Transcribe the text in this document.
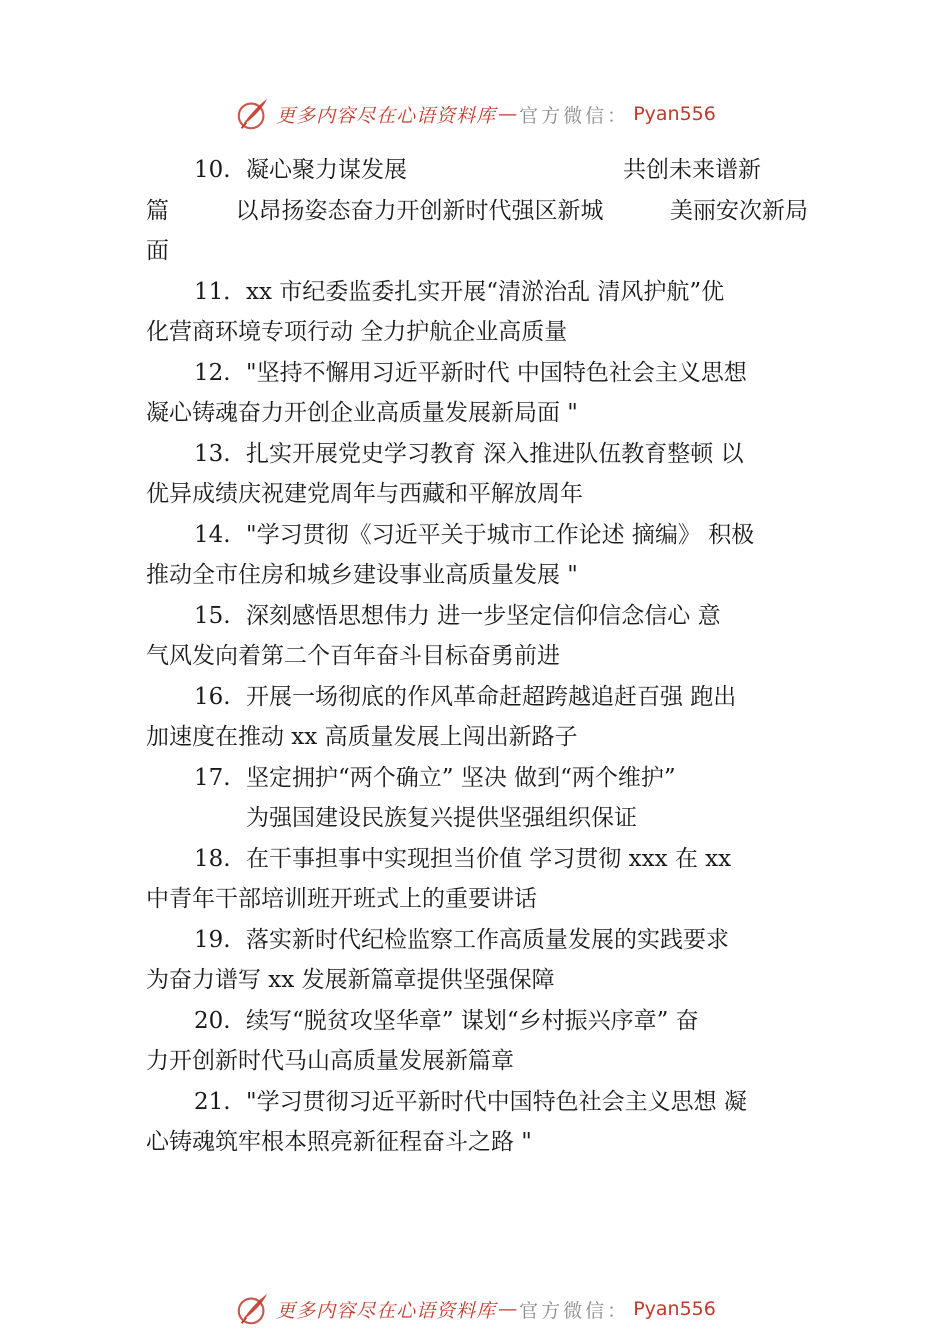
更多内容尽在心语资料库 — 官方微信： Pyan556
10. 凝心聚力谋发展	共创未来谱新
篇	以昂扬姿态奋力开创新时代强区新城	美丽安次新局
面
11．xx 市纪委监委扎实开展“清淤治乱 清风护航”优
化营商环境专项行动 全力护航企业高质量
12. "坚持不懈用习近平新时代 中国特色社会主义思想
凝心铸魂奋力开创企业高质量发展新局面 "
13. 扎实开展党史学习教育 深入推进队伍教育整顿 以
优异成绩庆祝建党周年与西藏和平解放周年
14. "学习贯彻《习近平关于城市工作论述 摘编》 积极
推动全市住房和城乡建设事业高质量发展 "
15. 深刻感悟思想伟力 进一步坚定信仰信念信心 意
气风发向着第二个百年奋斗目标奋勇前进
16. 开展一场彻底的作风革命赶超跨越追赶百强 跑出
加速度在推动 xx 高质量发展上闯出新路子
17. 坚定拥护“两个确立” 坚决 做到“两个维护”
为强国建设民族复兴提供坚强组织保证
18. 在干事担事中实现担当价值 学习贯彻 xxx 在 xx
中青年干部培训班开班式上的重要讲话
19. 落实新时代纪检监察工作高质量发展的实践要求
为奋力谱写 xx 发展新篇章提供坚强保障
20. 续写“脱贫攻坚华章” 谋划“乡村振兴序章” 奋
力开创新时代马山高质量发展新篇章
21. "学习贯彻习近平新时代中国特色社会主义思想 凝
心铸魂筑牢根本照亮新征程奋斗之路 "
更多内容尽在心语资料库 — 官方微信： Pyan556
